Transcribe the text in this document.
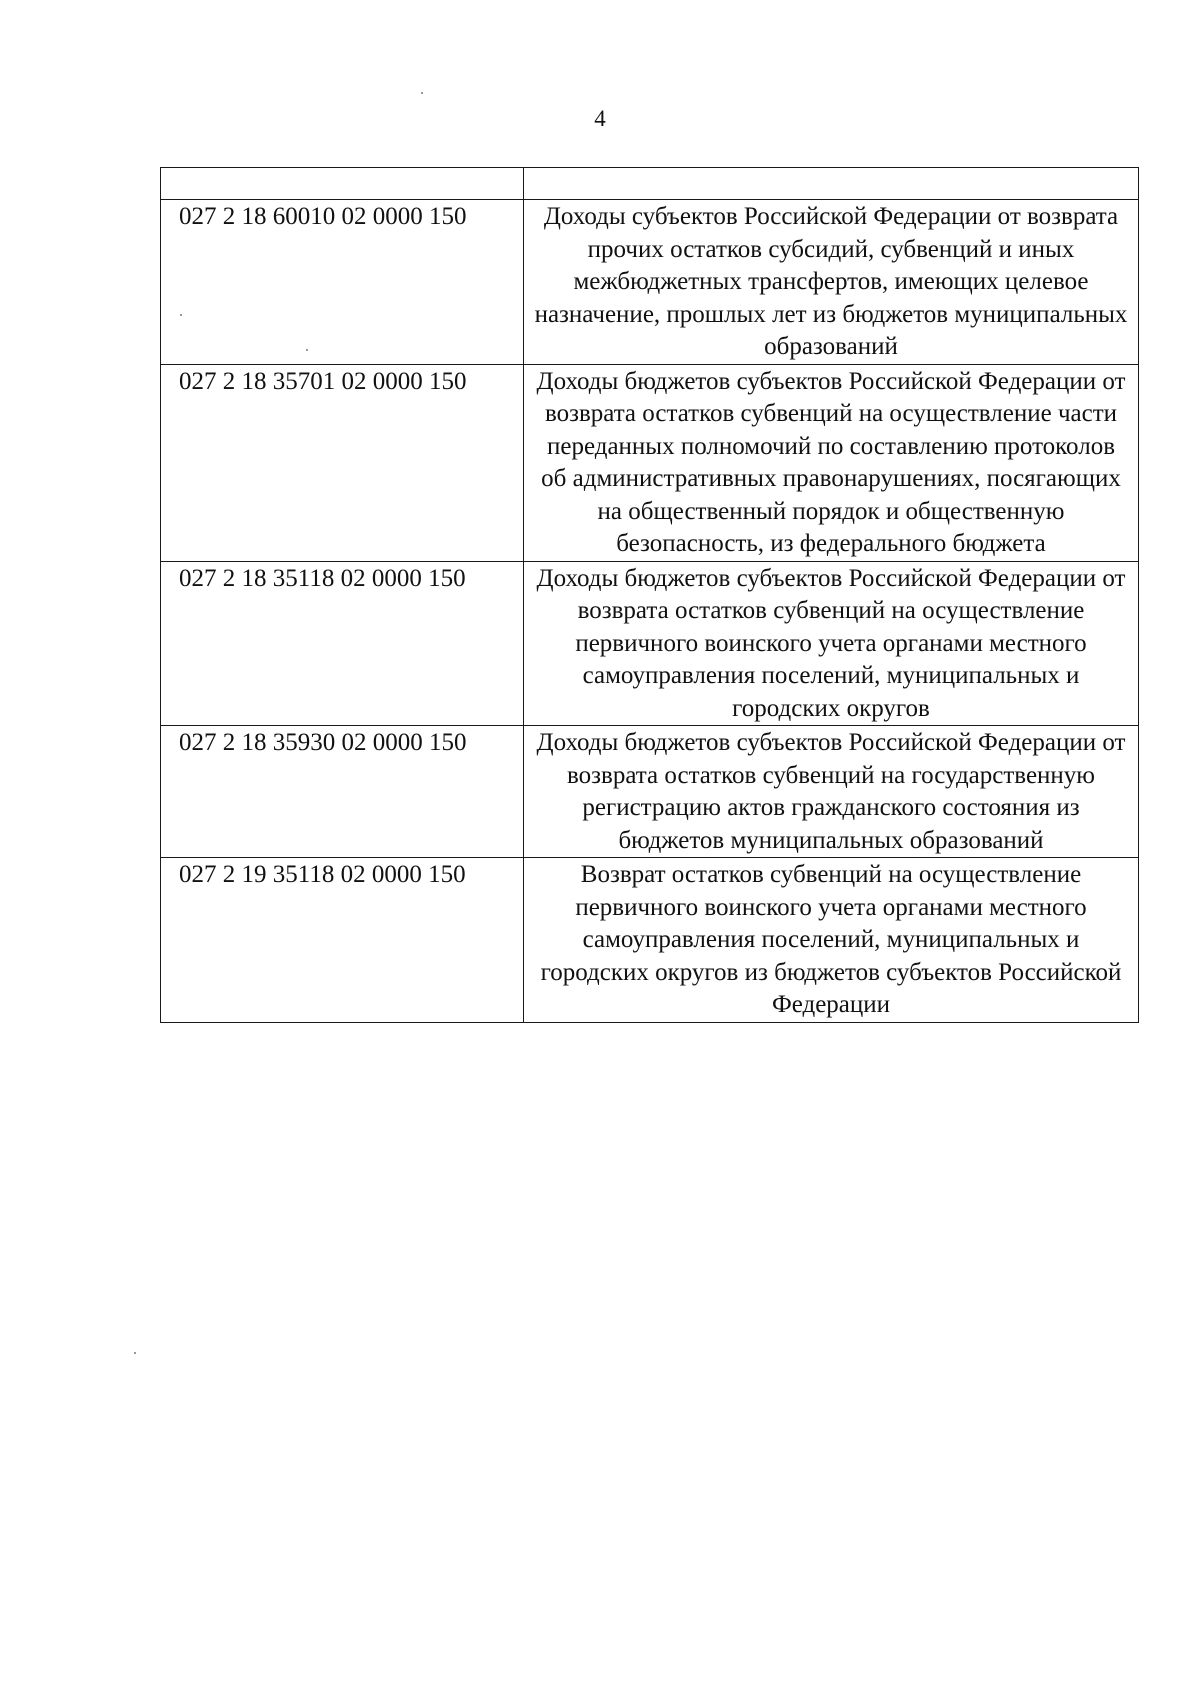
4

027 2 18 60010 02 0000 150	Доходы субъектов Российской Федерации от возврата прочих остатков субсидий, субвенций и иных межбюджетных трансфертов, имеющих целевое назначение, прошлых лет из бюджетов муниципальных образований
027 2 18 35701 02 0000 150	Доходы бюджетов субъектов Российской Федерации от возврата остатков субвенций на осуществление части переданных полномочий по составлению протоколов об административных правонарушениях, посягающих на общественный порядок и общественную безопасность, из федерального бюджета
027 2 18 35118 02 0000 150	Доходы бюджетов субъектов Российской Федерации от возврата остатков субвенций на осуществление первичного воинского учета органами местного самоуправления поселений, муниципальных и городских округов
027 2 18 35930 02 0000 150	Доходы бюджетов субъектов Российской Федерации от возврата остатков субвенций на государственную регистрацию актов гражданского состояния из бюджетов муниципальных образований
027 2 19 35118 02 0000 150	Возврат остатков субвенций на осуществление первичного воинского учета органами местного самоуправления поселений, муниципальных и городских округов из бюджетов субъектов Российской Федерации
